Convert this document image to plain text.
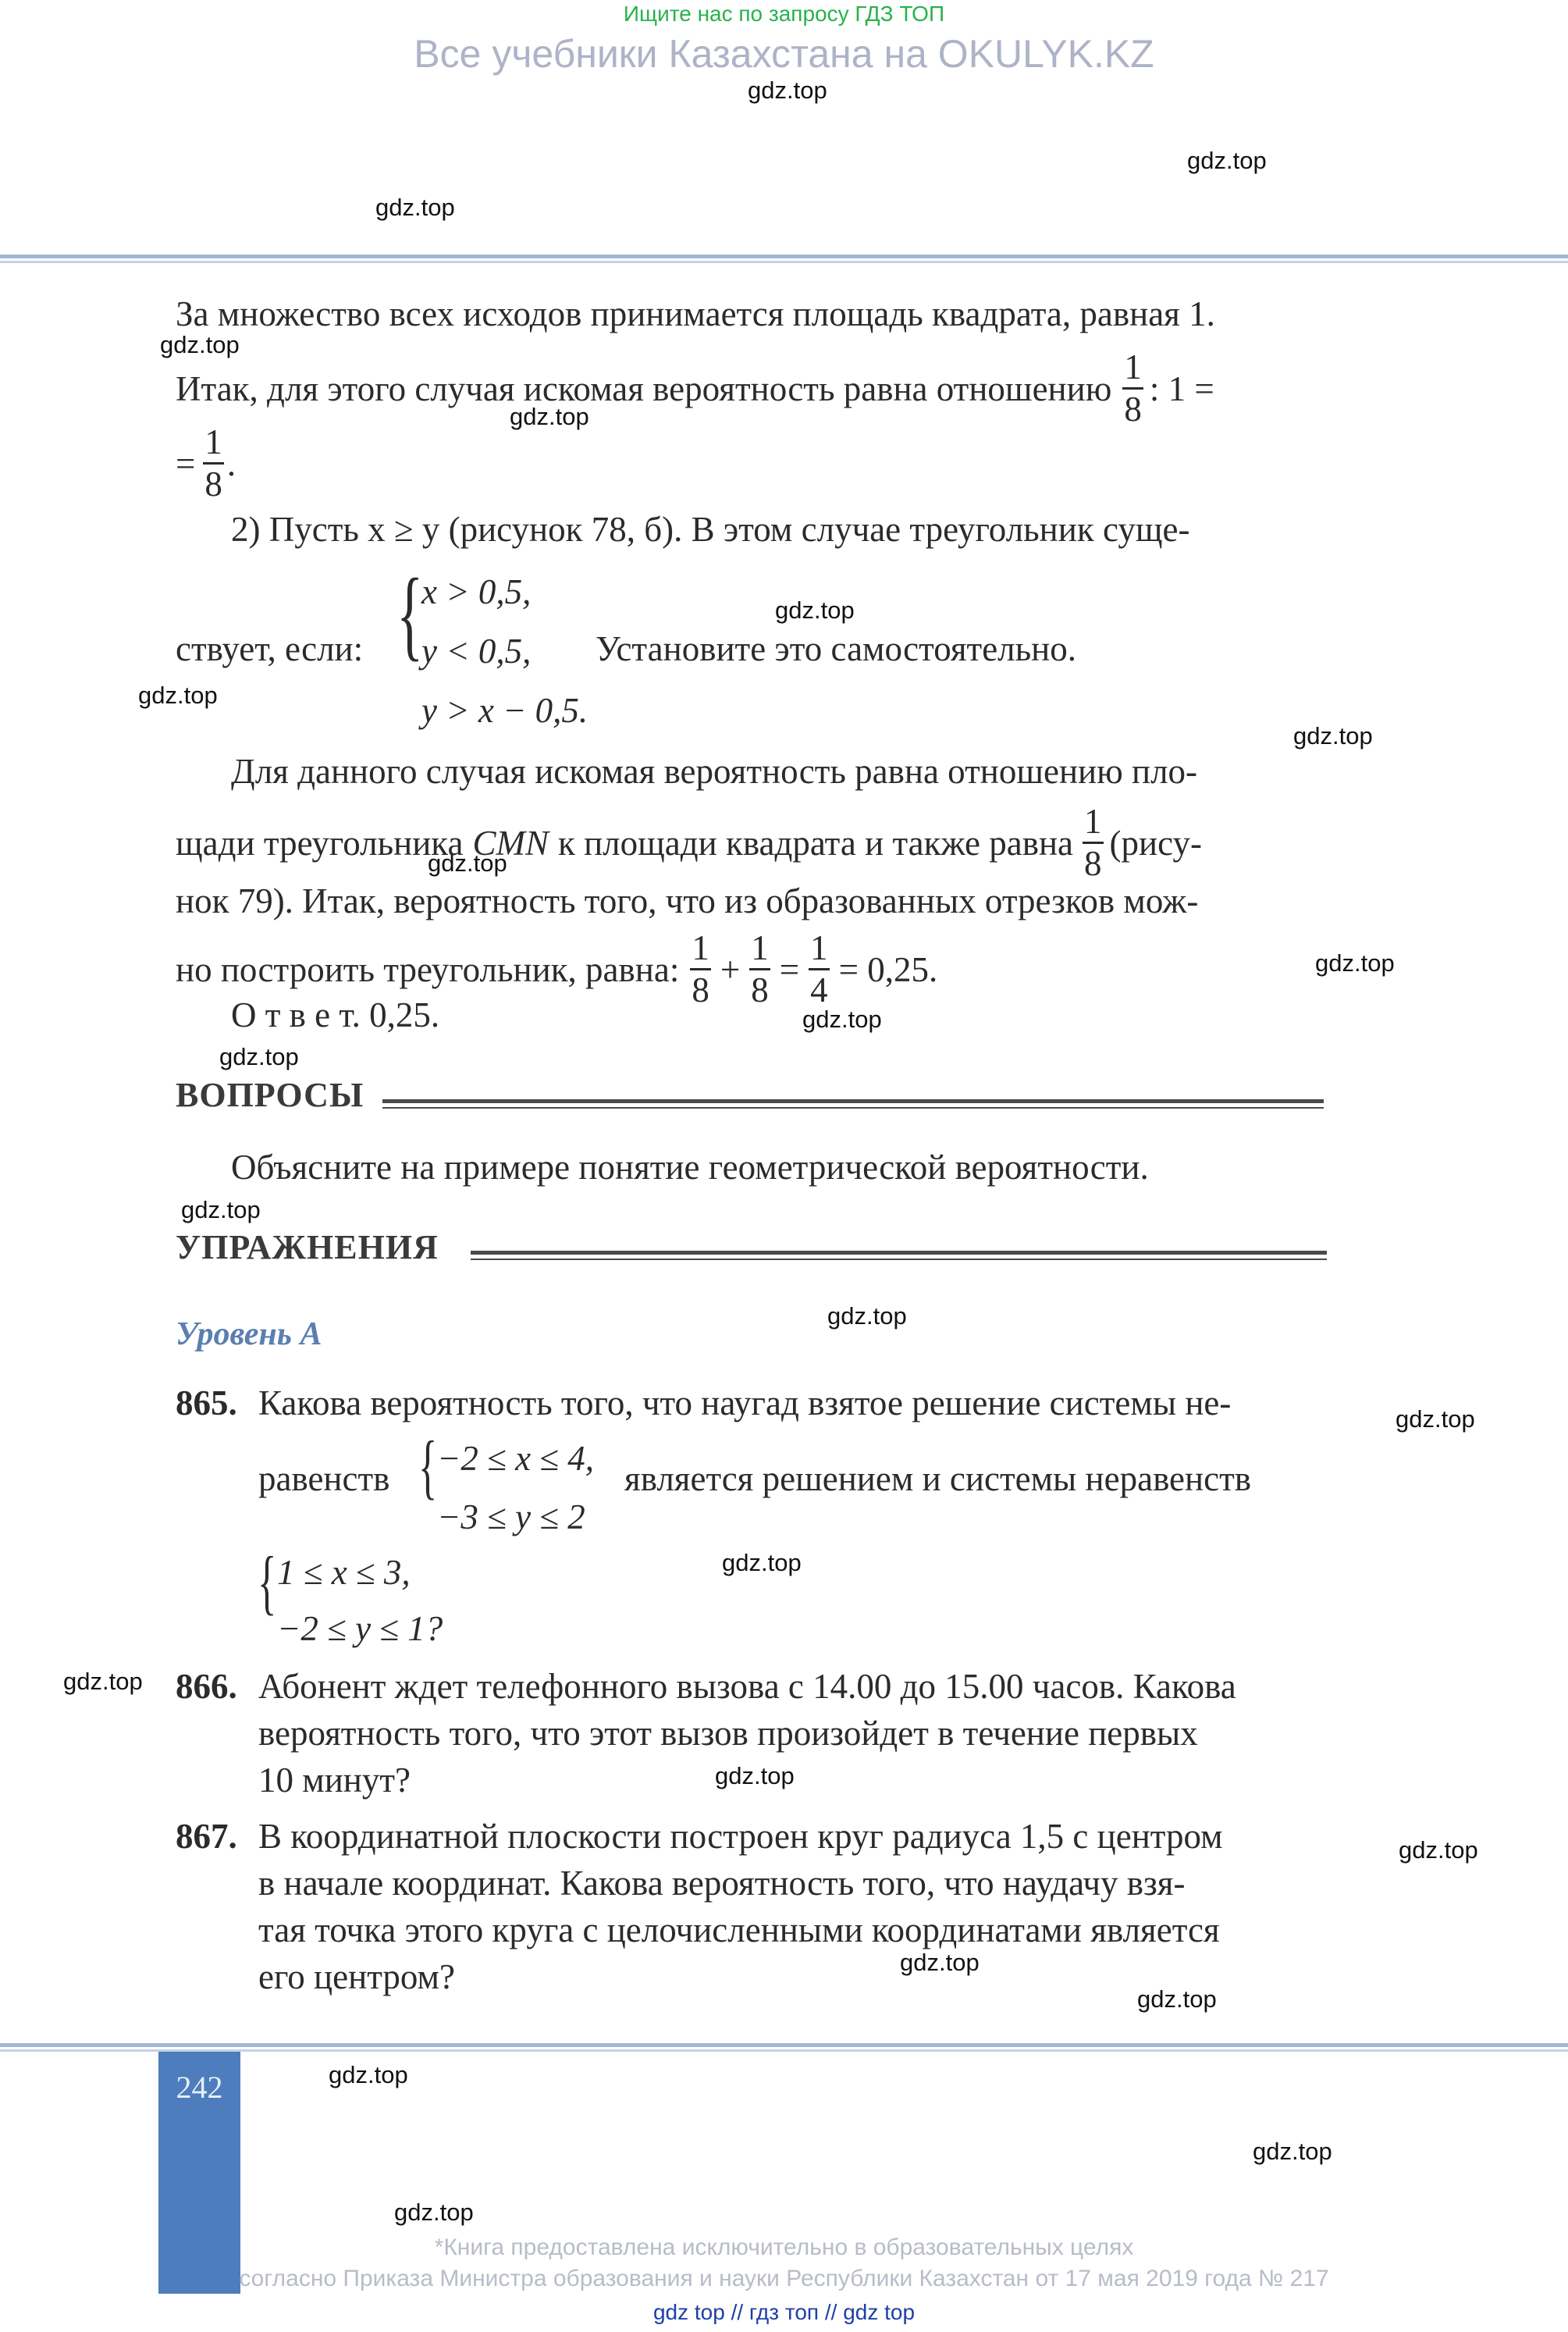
Ищите нас по запросу ГДЗ ТОП
Все учебники Казахстана на OKULYK.KZ
gdz.top
gdz.top
gdz.top
gdz.top
gdz.top
gdz.top
gdz.top
gdz.top
gdz.top
gdz.top
gdz.top
gdz.top
gdz.top
gdz.top
gdz.top
gdz.top
gdz.top
gdz.top
gdz.top
gdz.top
gdz.top
gdz.top
gdz.top
gdz.top
За множество всех исходов принимается площадь квадрата, равная 1.
Итак, для этого случая искомая вероятность равна отношению $\frac{1}{8}$ : 1 =
= $\frac{1}{8}$ .
2) Пусть x ≥ y (рисунок 78, б). В этом случае треугольник суще-
ствует, если: {
x > 0,5,
y < 0,5,
y > x − 0,5.
Установите это самостоятельно.
Для данного случая искомая вероятность равна отношению пло-
щади треугольника CMN к площади квадрата и также равна $\frac{1}{8}$ (рису-
нок 79). Итак, вероятность того, что из образованных отрезков мож-
но построить треугольник, равна: $\frac{1}{8} + \frac{1}{8} = \frac{1}{4} = 0,25$.
О т в е т. 0,25.
ВОПРОСЫ
Объясните на примере понятие геометрической вероятности.
УПРАЖНЕНИЯ
Уровень А
865. Какова вероятность того, что наугад взятое решение системы не-
равенств { −2 ≤ x ≤ 4,
−3 ≤ y ≤ 2
является решением и системы неравенств
{ 1 ≤ x ≤ 3,
−2 ≤ y ≤ 1?
866. Абонент ждет телефонного вызова с 14.00 до 15.00 часов. Какова
вероятность того, что этот вызов произойдет в течение первых
10 минут?
867. В координатной плоскости построен круг радиуса 1,5 с центром
в начале координат. Какова вероятность того, что наудачу взя-
тая точка этого круга с целочисленными координатами является
его центром?
242
*Книга предоставлена исключительно в образовательных целях
согласно Приказа Министра образования и науки Республики Казахстан от 17 мая 2019 года № 217
gdz top // гдз топ // gdz top
